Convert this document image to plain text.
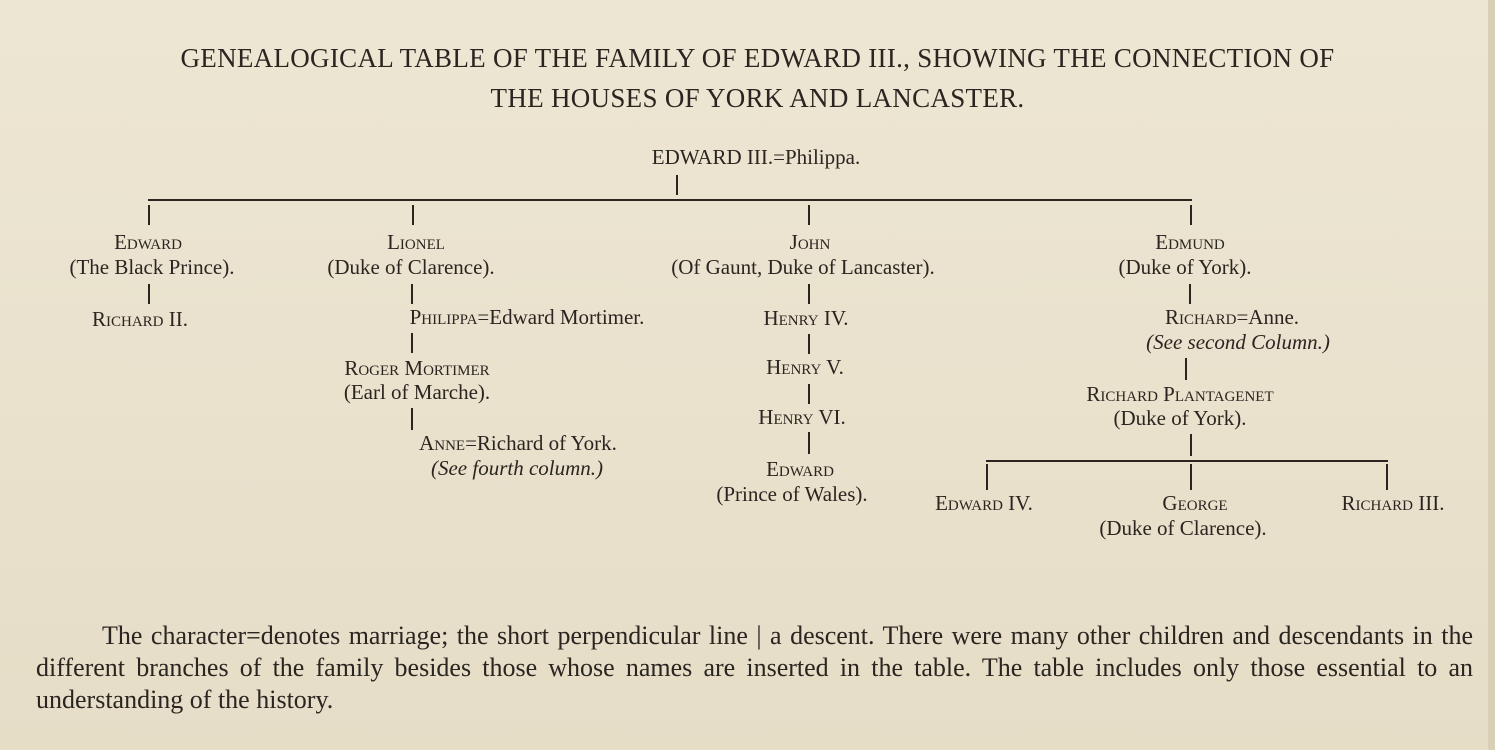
GENEALOGICAL TABLE OF THE FAMILY OF EDWARD III., SHOWING THE CONNECTION OF
THE HOUSES OF YORK AND LANCASTER.
EDWARD III.=Philippa.
Edward
(The Black Prince).
Richard II.
Lionel
(Duke of Clarence).
Philippa=Edward Mortimer.
Roger Mortimer
(Earl of Marche).
Anne=Richard of York.
(See fourth column.)
John
(Of Gaunt, Duke of Lancaster).
Henry IV.
Henry V.
Henry VI.
Edward
(Prince of Wales).
Edmund
(Duke of York).
Richard=Anne.
(See second Column.)
Richard Plantagenet
(Duke of York).
Edward IV.	George
(Duke of Clarence).
Richard III.
The character=denotes marriage; the short perpendicular line | a descent. There were many other children and descendants in the different branches of the family besides those whose names are inserted in the table. The table includes only those essential to an understanding of the history.
